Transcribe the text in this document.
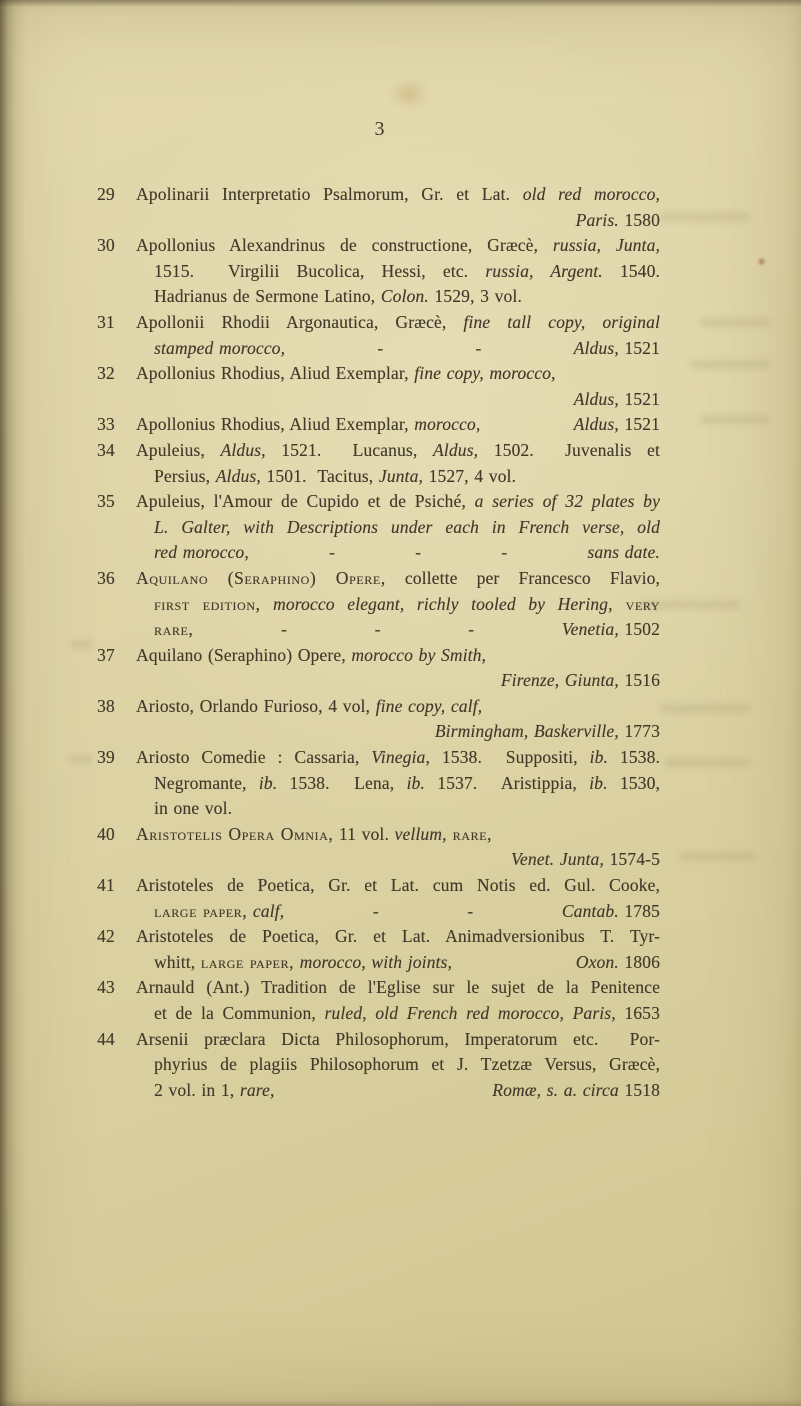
3
29 Apolinarii Interpretatio Psalmorum, Gr. et Lat. old red morocco,
Paris. 1580
30 Apollonius Alexandrinus de constructione, Græcè, russia, Junta,
1515.  Virgilii Bucolica, Hessi, etc. russia, Argent. 1540.
Hadrianus de Sermone Latino, Colon. 1529, 3 vol.
31 Apollonii Rhodii Argonautica, Græcè, fine tall copy, original
stamped morocco,	-	-	Aldus, 1521
32 Apollonius Rhodius, Aliud Exemplar, fine copy, morocco,
Aldus, 1521
33 Apollonius Rhodius, Aliud Exemplar, morocco,	Aldus, 1521
34 Apuleius, Aldus, 1521.  Lucanus, Aldus, 1502.  Juvenalis et
Persius, Aldus, 1501.  Tacitus, Junta, 1527, 4 vol.
35 Apuleius, l'Amour de Cupido et de Psiché, a series of 32 plates by
L. Galter, with Descriptions under each in French verse, old
red morocco,	-	-	-	sans date.
36 Aquilano (Seraphino) Opere, collette per Francesco Flavio,
first edition, morocco elegant, richly tooled by Hering, very
rare,	-	-	-	Venetia, 1502
37 Aquilano (Seraphino) Opere, morocco by Smith,
Firenze, Giunta, 1516
38 Ariosto, Orlando Furioso, 4 vol, fine copy, calf,
Birmingham, Baskerville, 1773
39 Ariosto Comedie : Cassaria, Vinegia, 1538.  Suppositi, ib. 1538.
Negromante, ib. 1538.  Lena, ib. 1537.  Aristippia, ib. 1530,
in one vol.
40 Aristotelis Opera Omnia, 11 vol. vellum, rare,
Venet. Junta, 1574-5
41 Aristoteles de Poetica, Gr. et Lat. cum Notis ed. Gul. Cooke,
large paper, calf,	-	-	Cantab. 1785
42 Aristoteles de Poetica, Gr. et Lat. Animadversionibus T. Tyr-
whitt, large paper, morocco, with joints,	Oxon. 1806
43 Arnauld (Ant.) Tradition de l'Eglise sur le sujet de la Penitence
et de la Communion, ruled, old French red morocco, Paris, 1653
44 Arsenii præclara Dicta Philosophorum, Imperatorum etc.  Por-
phyrius de plagiis Philosophorum et J. Tzetzæ Versus, Græcè,
2 vol. in 1, rare,	Romæ, s. a. circa 1518
